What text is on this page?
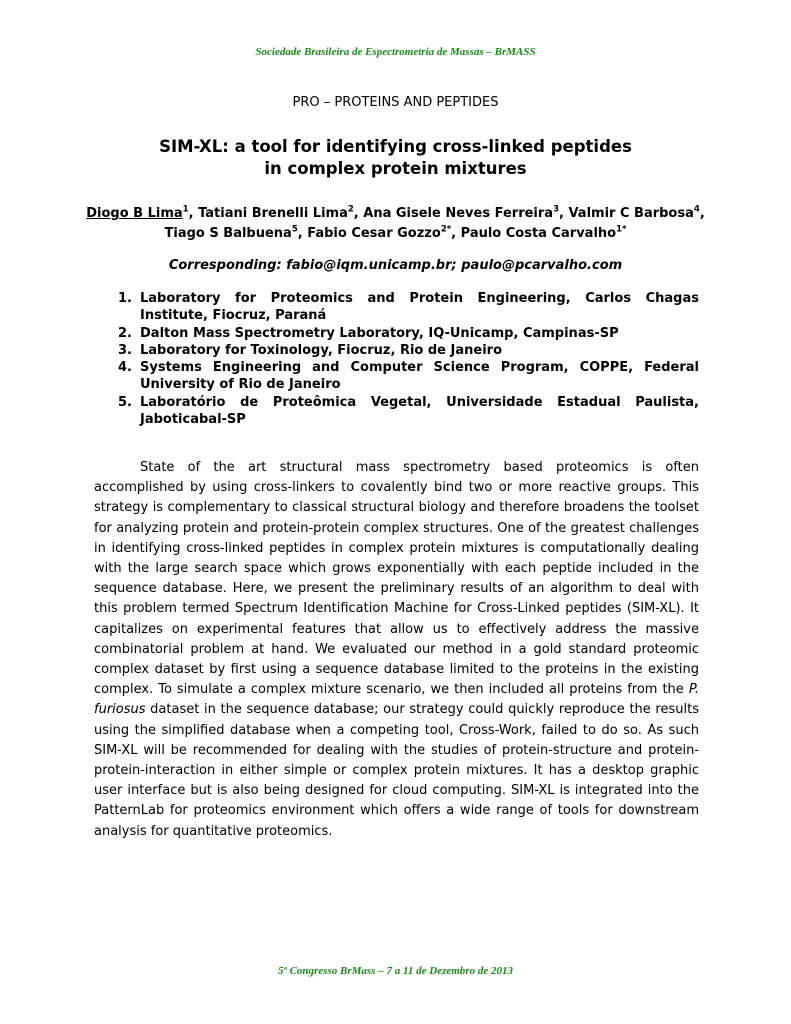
Sociedade Brasileira de Espectrometria de Massas – BrMASS
PRO – PROTEINS AND PEPTIDES
SIM-XL: a tool for identifying cross-linked peptides
in complex protein mixtures
Diogo B Lima$^1$, Tatiani Brenelli Lima$^2$, Ana Gisele Neves Ferreira$^3$, Valmir C Barbosa$^4$,
Tiago S Balbuena$^5$, Fabio Cesar Gozzo$^{2*}$, Paulo Costa Carvalho$^{1*}$
Corresponding: fabio@iqm.unicamp.br; paulo@pcarvalho.com
1. Laboratory for Proteomics and Protein Engineering, Carlos Chagas Institute, Fiocruz, Paraná
2. Dalton Mass Spectrometry Laboratory, IQ-Unicamp, Campinas-SP
3. Laboratory for Toxinology, Fiocruz, Rio de Janeiro
4. Systems Engineering and Computer Science Program, COPPE, Federal University of Rio de Janeiro
5. Laboratório de Proteômica Vegetal, Universidade Estadual Paulista, Jaboticabal-SP

State of the art structural mass spectrometry based proteomics is often accomplished by using cross-linkers to covalently bind two or more reactive groups. This strategy is complementary to classical structural biology and therefore broadens the toolset for analyzing protein and protein-protein complex structures. One of the greatest challenges in identifying cross-linked peptides in complex protein mixtures is computationally dealing with the large search space which grows exponentially with each peptide included in the sequence database. Here, we present the preliminary results of an algorithm to deal with this problem termed Spectrum Identification Machine for Cross-Linked peptides (SIM-XL). It capitalizes on experimental features that allow us to effectively address the massive combinatorial problem at hand. We evaluated our method in a gold standard proteomic complex dataset by first using a sequence database limited to the proteins in the existing complex. To simulate a complex mixture scenario, we then included all proteins from the P. furiosus dataset in the sequence database; our strategy could quickly reproduce the results using the simplified database when a competing tool, Cross-Work, failed to do so. As such SIM-XL will be recommended for dealing with the studies of protein-structure and protein-protein-interaction in either simple or complex protein mixtures. It has a desktop graphic user interface but is also being designed for cloud computing. SIM-XL is integrated into the PatternLab for proteomics environment which offers a wide range of tools for downstream analysis for quantitative proteomics.

5º Congresso BrMass – 7 a 11 de Dezembro de 2013
